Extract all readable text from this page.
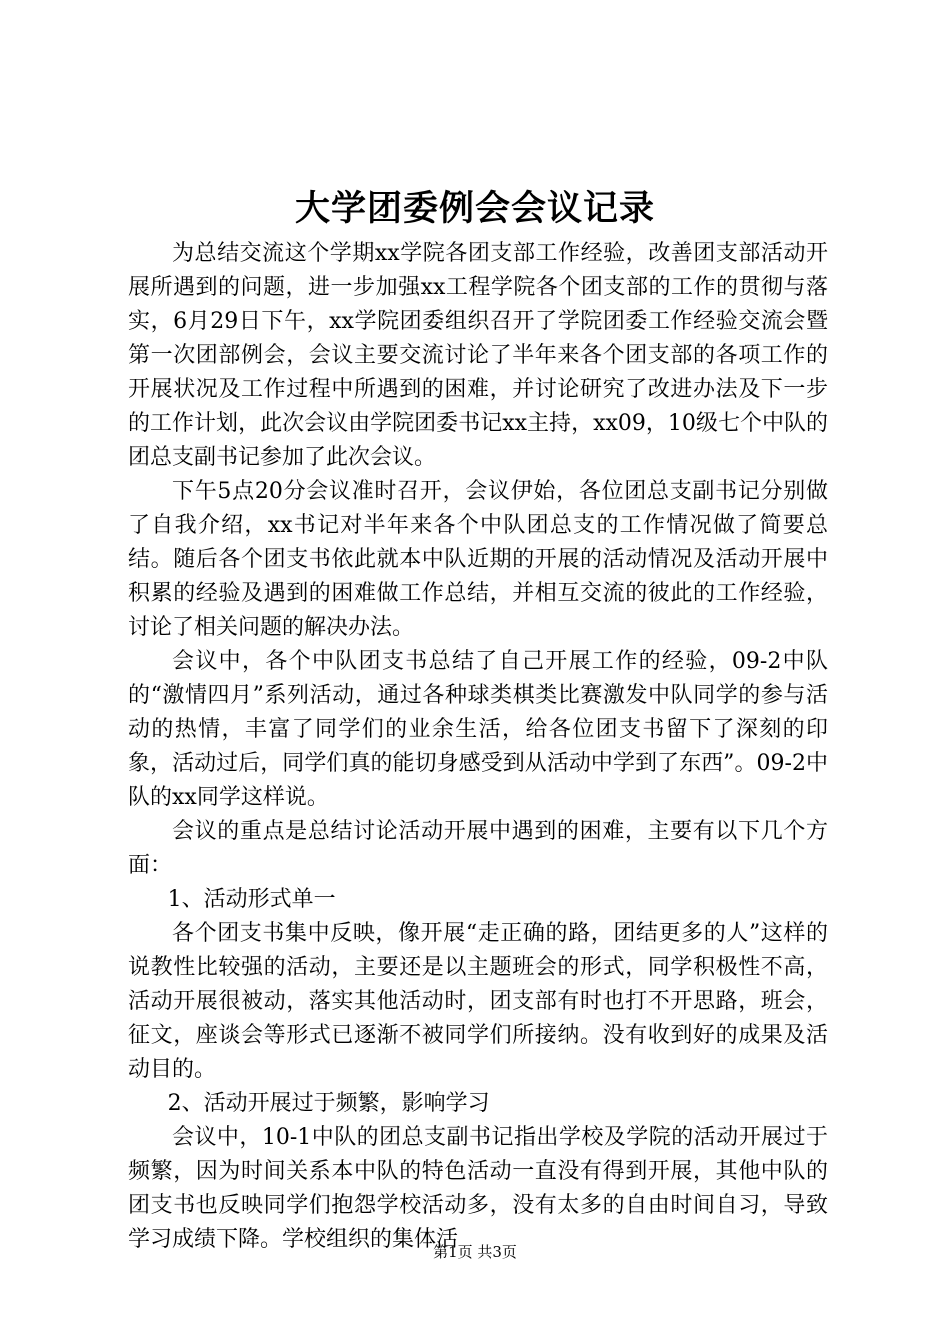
大学团委例会会议记录

为总结交流这个学期xx学院各团支部工作经验，改善团支部活动开展所遇到的问题，进一步加强xx工程学院各个团支部的工作的贯彻与落实，6月29日下午，xx学院团委组织召开了学院团委工作经验交流会暨第一次团部例会，会议主要交流讨论了半年来各个团支部的各项工作的开展状况及工作过程中所遇到的困难，并讨论研究了改进办法及下一步的工作计划，此次会议由学院团委书记xx主持，xx09，10级七个中队的团总支副书记参加了此次会议。

下午5点20分会议准时召开，会议伊始，各位团总支副书记分别做了自我介绍，xx书记对半年来各个中队团总支的工作情况做了简要总结。随后各个团支书依此就本中队近期的开展的活动情况及活动开展中积累的经验及遇到的困难做工作总结，并相互交流的彼此的工作经验，讨论了相关问题的解决办法。

会议中，各个中队团支书总结了自己开展工作的经验，09-2中队的“激情四月”系列活动，通过各种球类棋类比赛激发中队同学的参与活动的热情，丰富了同学们的业余生活，给各位团支书留下了深刻的印象，活动过后，同学们真的能切身感受到从活动中学到了东西”。09-2中队的xx同学这样说。

会议的重点是总结讨论活动开展中遇到的困难，主要有以下几个方面：

1、活动形式单一

各个团支书集中反映，像开展“走正确的路，团结更多的人”这样的说教性比较强的活动，主要还是以主题班会的形式，同学积极性不高，活动开展很被动，落实其他活动时，团支部有时也打不开思路，班会，征文，座谈会等形式已逐渐不被同学们所接纳。没有收到好的成果及活动目的。

2、活动开展过于频繁，影响学习

会议中，10-1中队的团总支副书记指出学校及学院的活动开展过于频繁，因为时间关系本中队的特色活动一直没有得到开展，其他中队的团支书也反映同学们抱怨学校活动多，没有太多的自由时间自习，导致学习成绩下降。学校组织的集体活

第1页 共3页
